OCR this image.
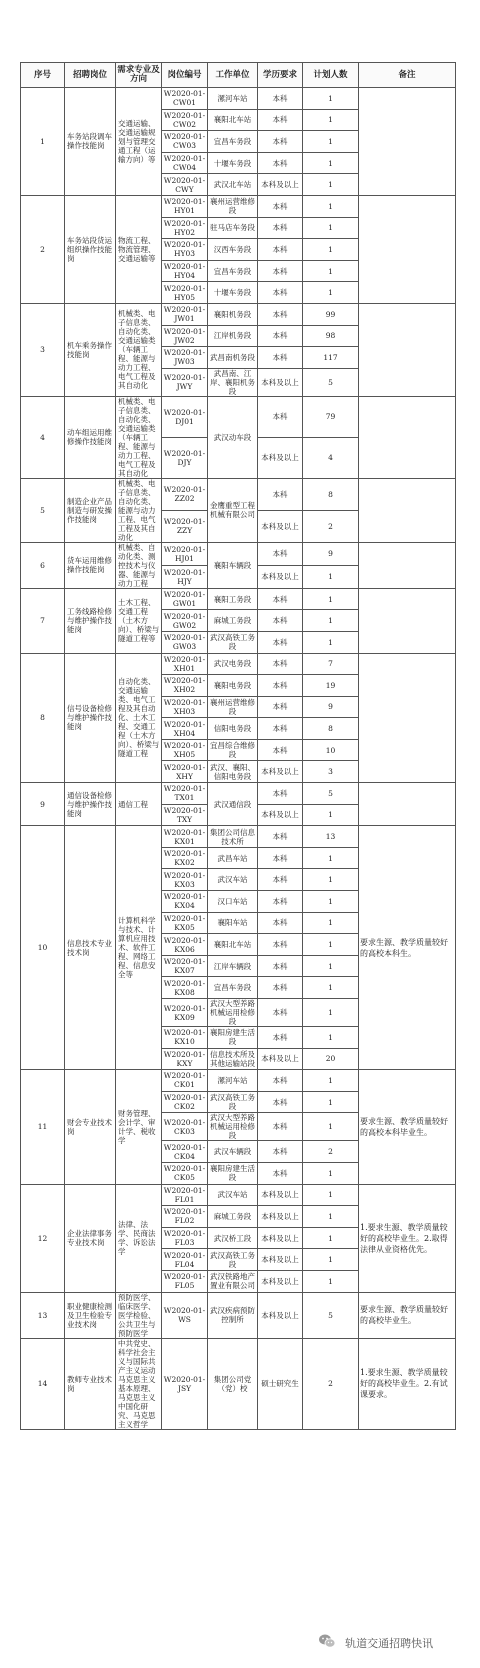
序号	招聘岗位	需求专业及方向	岗位编号	工作单位	学历要求	计划人数	备注
1	车务站段调车操作技能岗	交通运输、交通运输规划与管理交通工程（运输方向）等	W2020-01-CW01	漯河车站	本科	1	
			W2020-01-CW02	襄阳北车站	本科	1	
			W2020-01-CW03	宜昌车务段	本科	1	
			W2020-01-CW04	十堰车务段	本科	1	
			W2020-01-CWY	武汉北车站	本科及以上	1	
2	车务站段货运组织操作技能岗	物流工程、物流管理、交通运输等	W2020-01-HY01	襄州运营维修段	本科	1	
			W2020-01-HY02	驻马店车务段	本科	1	
			W2020-01-HY03	汉西车务段	本科	1	
			W2020-01-HY04	宜昌车务段	本科	1	
			W2020-01-HY05	十堰车务段	本科	1	
3	机车乘务操作技能岗	机械类、电子信息类、自动化类、交通运输类（车辆工程、能源与动力工程、电气工程及其自动化	W2020-01-JW01	襄阳机务段	本科	99	
			W2020-01-JW02	江岸机务段	本科	98	
			W2020-01-JW03	武昌南机务段	本科	117	
			W2020-01-JWY	武昌南、江岸、襄阳机务段	本科及以上	5	
4	动车组运用维修操作技能岗	机械类、电子信息类、自动化类、交通运输类（车辆工程、能源与动力工程、电气工程及其自动化	W2020-01-DJ01	武汉动车段	本科	79	
			W2020-01-DJY		本科及以上	4	
5	制造企业产品制造与研发操作技能岗	机械类、电子信息类、自动化类、能源与动力工程、电气工程及其自动化	W2020-01-ZZ02	金鹰重型工程机械有限公司	本科	8	
			W2020-01-ZZY		本科及以上	2	
6	货车运用维修操作技能岗	机械类、自动化类、测控技术与仪器、能源与动力工程	W2020-01-HJ01	襄阳车辆段	本科	9	
			W2020-01-HJY		本科及以上	1	
7	工务线路检修与维护操作技能岗	土木工程、交通工程（土木方向）、桥梁与隧道工程等	W2020-01-GW01	襄阳工务段	本科	1	
			W2020-01-GW02	麻城工务段	本科	1	
			W2020-01-GW03	武汉高铁工务段	本科	1	
8	信号设备检修与维护操作技能岗	自动化类、交通运输类、电气工程及其自动化、土木工程、交通工程（土木方向）、桥梁与隧道工程	W2020-01-XH01	武汉电务段	本科	7	
			W2020-01-XH02	襄阳电务段	本科	19	
			W2020-01-XH03	襄州运营维修段	本科	9	
			W2020-01-XH04	信阳电务段	本科	8	
			W2020-01-XH05	宜昌综合维修段	本科	10	
			W2020-01-XHY	武汉、襄阳、信阳电务段	本科及以上	3	
9	通信设备检修与维护操作技能岗	通信工程	W2020-01-TX01	武汉通信段	本科	5	
			W2020-01-TXY		本科及以上	1	
10	信息技术专业技术岗	计算机科学与技术、计算机应用技术、软件工程、网络工程、信息安全等	W2020-01-KX01	集团公司信息技术所	本科	13	要求生源、教学质量较好的高校本科生。
			W2020-01-KX02	武昌车站	本科	1	
			W2020-01-KX03	武汉车站	本科	1	
			W2020-01-KX04	汉口车站	本科	1	
			W2020-01-KX05	襄阳车站	本科	1	
			W2020-01-KX06	襄阳北车站	本科	1	
			W2020-01-KX07	江岸车辆段	本科	1	
			W2020-01-KX08	宜昌车务段	本科	1	
			W2020-01-KX09	武汉大型养路机械运用检修段	本科	1	
			W2020-01-KX10	襄阳房建生活段	本科	1	
			W2020-01-KXY	信息技术所及其他运输站段	本科及以上	20	
11	财会专业技术岗	财务管理、会计学、审计学、税收学	W2020-01-CK01	漯河车站	本科	1	要求生源、教学质量较好的高校本科毕业生。
			W2020-01-CK02	武汉高铁工务段	本科	1	
			W2020-01-CK03	武汉大型养路机械运用检修段	本科	1	
			W2020-01-CK04	武汉车辆段	本科	2	
			W2020-01-CK05	襄阳房建生活段	本科	1	
12	企业法律事务专业技术岗	法律、法学、民商法学、诉讼法学	W2020-01-FL01	武汉车站	本科及以上	1	1.要求生源、教学质量较好的高校毕业生。2.取得法律从业资格优先。
			W2020-01-FL02	麻城工务段	本科及以上	1	
			W2020-01-FL03	武汉桥工段	本科及以上	1	
			W2020-01-FL04	武汉高铁工务段	本科及以上	1	
			W2020-01-FL05	武汉铁路地产置业有限公司	本科及以上	1	
13	职业健康检测及卫生检验专业技术岗	预防医学、临床医学、医学检验、公共卫生与预防医学	W2020-01-WS	武汉疾病预防控制所	本科及以上	5	要求生源、教学质量较好的高校毕业生。
14	教师专业技术岗	中共党史、科学社会主义与国际共产主义运动马克思主义基本原理、马克思主义中国化研究、马克思主义哲学	W2020-01-JSY	集团公司党（党）校	硕士研究生	2	1.要求生源、教学质量较好的高校毕业生。2.有试课要求。
轨道交通招聘快讯
